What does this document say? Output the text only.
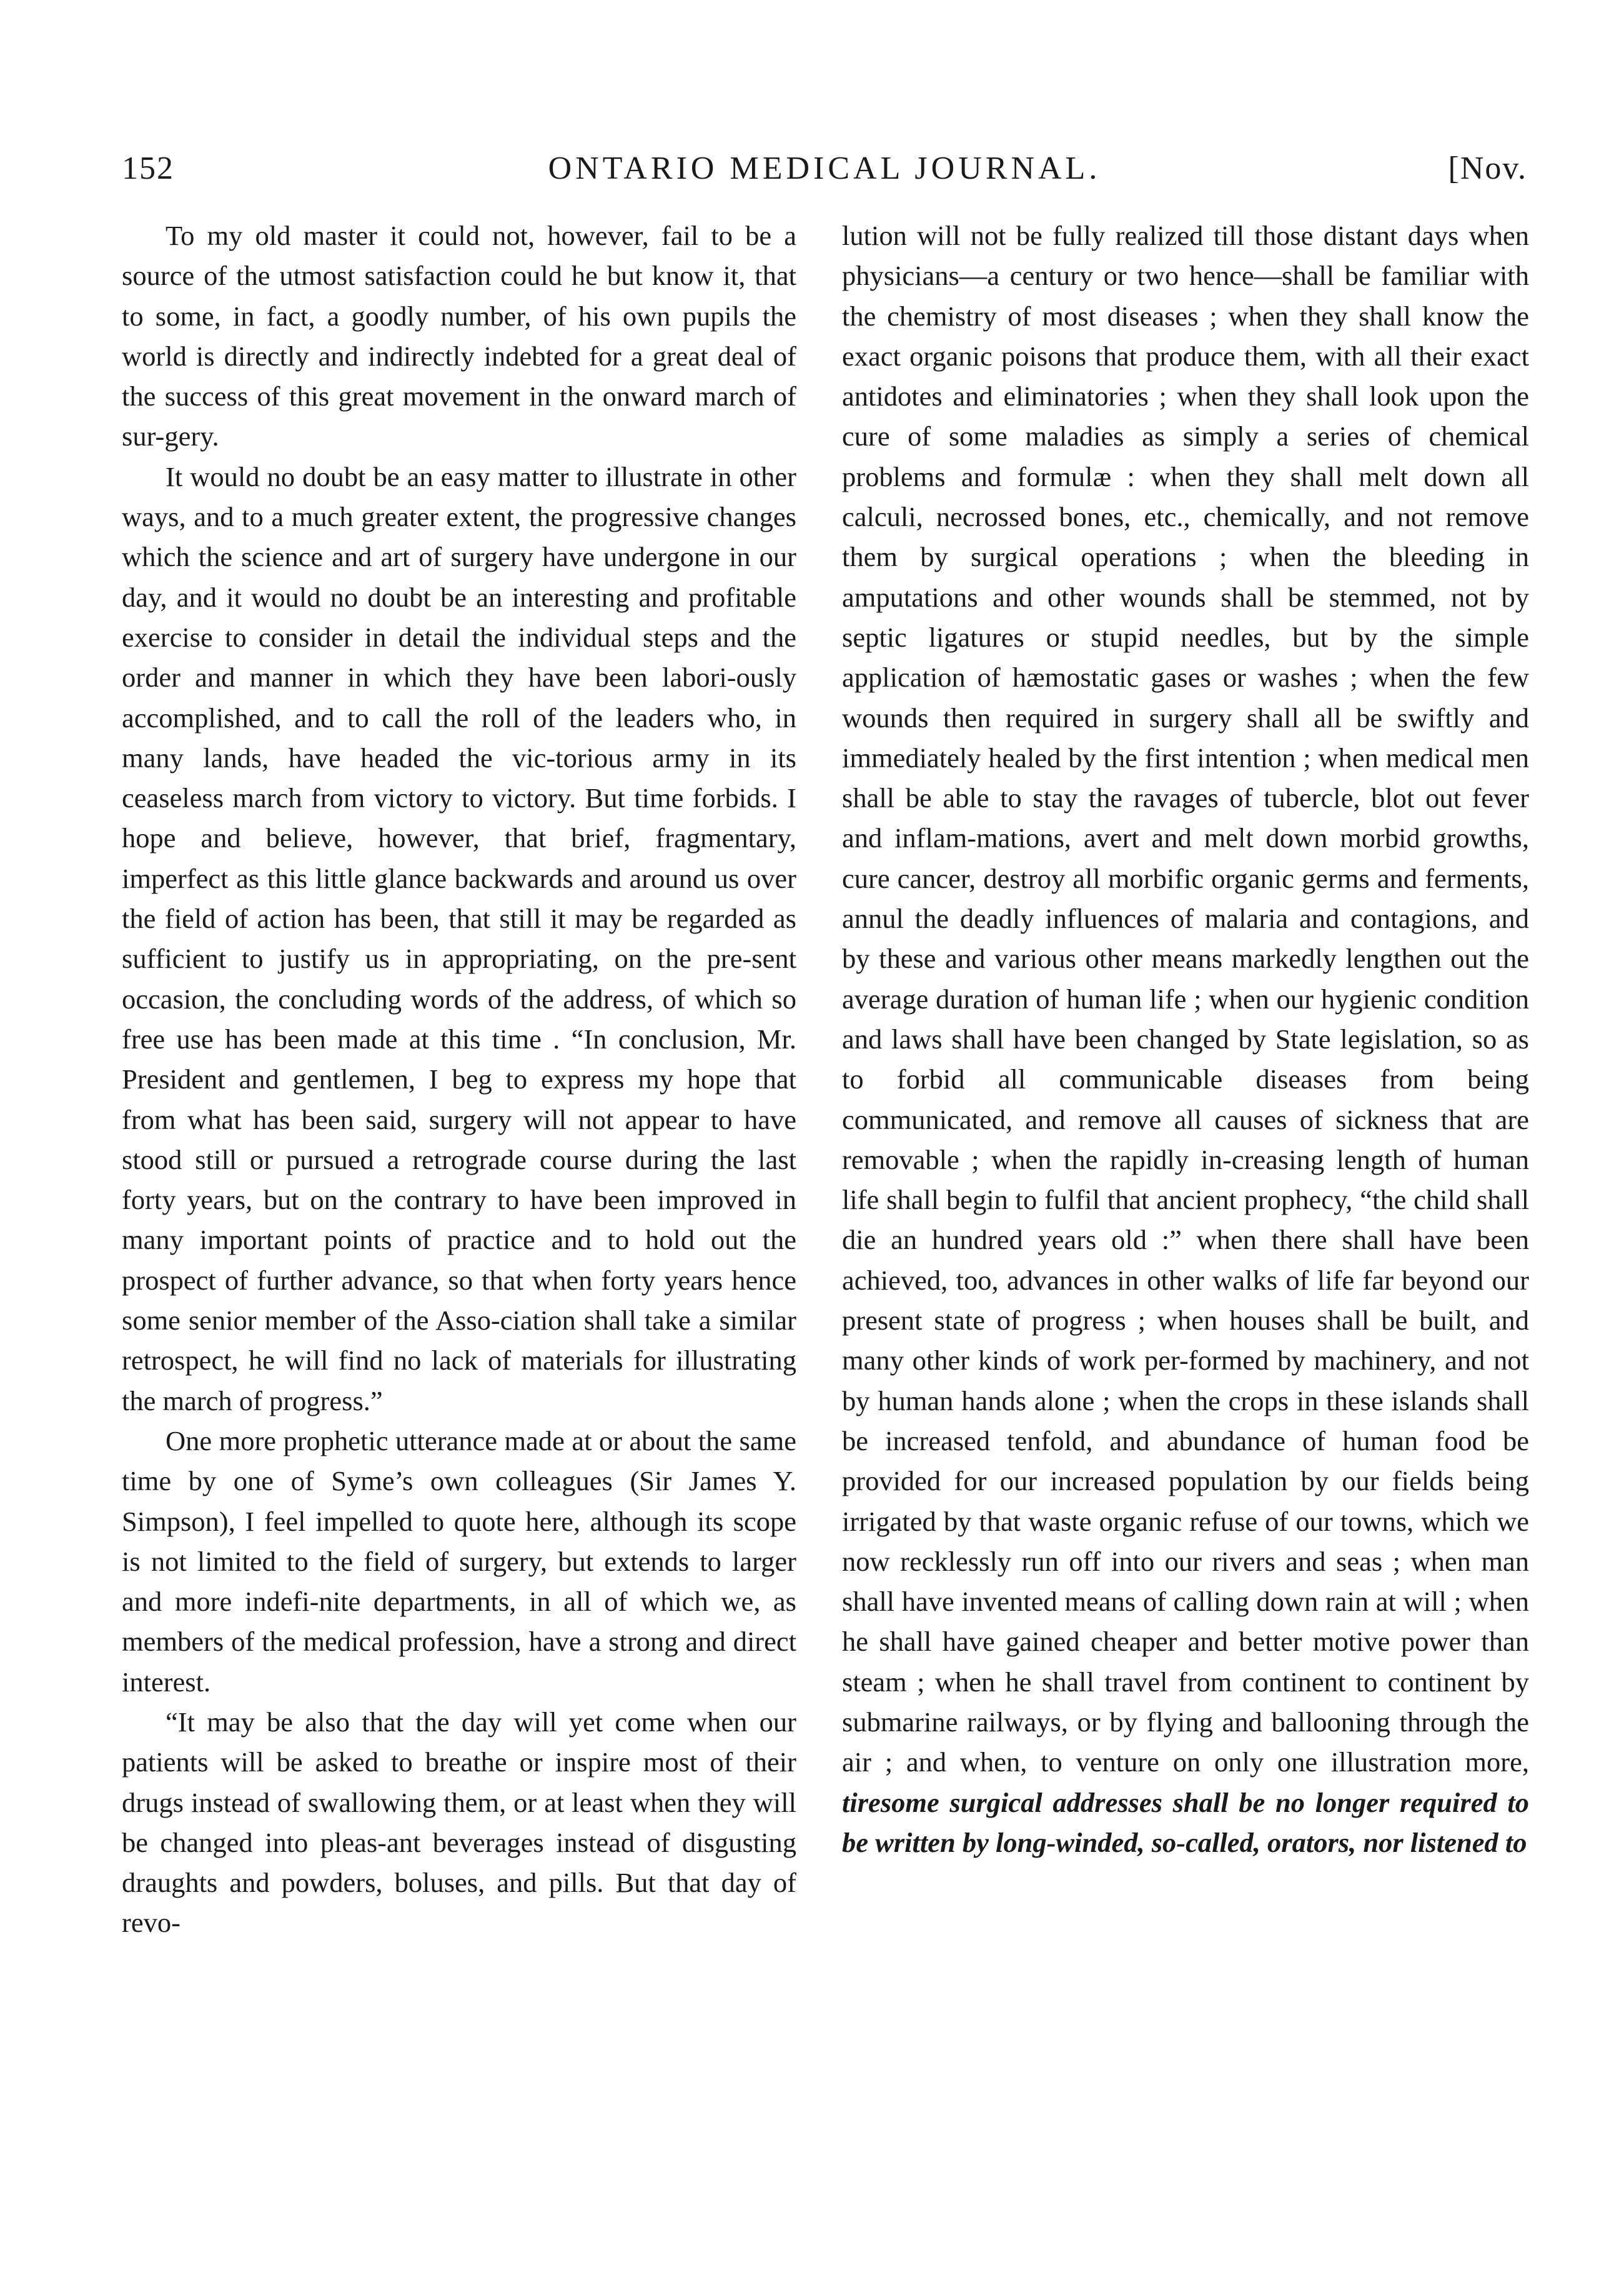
152	ONTARIO MEDICAL JOURNAL.	[Nov.

To my old master it could not, however, fail to be a source of the utmost satisfaction could he but know it, that to some, in fact, a goodly number, of his own pupils the world is directly and indirectly indebted for a great deal of the success of this great movement in the onward march of sur-gery.

It would no doubt be an easy matter to illustrate in other ways, and to a much greater extent, the progressive changes which the science and art of surgery have undergone in our day, and it would no doubt be an interesting and profitable exercise to consider in detail the individual steps and the order and manner in which they have been labori-ously accomplished, and to call the roll of the leaders who, in many lands, have headed the vic-torious army in its ceaseless march from victory to victory. But time forbids. I hope and believe, however, that brief, fragmentary, imperfect as this little glance backwards and around us over the field of action has been, that still it may be regarded as sufficient to justify us in appropriating, on the pre-sent occasion, the concluding words of the address, of which so free use has been made at this time . “In conclusion, Mr. President and gentlemen, I beg to express my hope that from what has been said, surgery will not appear to have stood still or pursued a retrograde course during the last forty years, but on the contrary to have been improved in many important points of practice and to hold out the prospect of further advance, so that when forty years hence some senior member of the Asso-ciation shall take a similar retrospect, he will find no lack of materials for illustrating the march of progress.”

One more prophetic utterance made at or about the same time by one of Syme’s own colleagues (Sir James Y. Simpson), I feel impelled to quote here, although its scope is not limited to the field of surgery, but extends to larger and more indefi-nite departments, in all of which we, as members of the medical profession, have a strong and direct interest.

“It may be also that the day will yet come when our patients will be asked to breathe or inspire most of their drugs instead of swallowing them, or at least when they will be changed into pleas-ant beverages instead of disgusting draughts and powders, boluses, and pills. But that day of revo-

lution will not be fully realized till those distant days when physicians—a century or two hence—shall be familiar with the chemistry of most diseases ; when they shall know the exact organic poisons that produce them, with all their exact antidotes and eliminatories ; when they shall look upon the cure of some maladies as simply a series of chemical problems and formulæ : when they shall melt down all calculi, necrossed bones, etc., chemically, and not remove them by surgical operations ; when the bleeding in amputations and other wounds shall be stemmed, not by septic ligatures or stupid needles, but by the simple application of hæmostatic gases or washes ; when the few wounds then required in surgery shall all be swiftly and immediately healed by the first intention ; when medical men shall be able to stay the ravages of tubercle, blot out fever and inflam-mations, avert and melt down morbid growths, cure cancer, destroy all morbific organic germs and ferments, annul the deadly influences of malaria and contagions, and by these and various other means markedly lengthen out the average duration of human life ; when our hygienic condition and laws shall have been changed by State legislation, so as to forbid all communicable diseases from being communicated, and remove all causes of sickness that are removable ; when the rapidly in-creasing length of human life shall begin to fulfil that ancient prophecy, “the child shall die an hundred years old :” when there shall have been achieved, too, advances in other walks of life far beyond our present state of progress ; when houses shall be built, and many other kinds of work per-formed by machinery, and not by human hands alone ; when the crops in these islands shall be increased tenfold, and abundance of human food be provided for our increased population by our fields being irrigated by that waste organic refuse of our towns, which we now recklessly run off into our rivers and seas ; when man shall have invented means of calling down rain at will ; when he shall have gained cheaper and better motive power than steam ; when he shall travel from continent to continent by submarine railways, or by flying and ballooning through the air ; and when, to venture on only one illustration more, tiresome surgical addresses shall be no longer required to be written by long-winded, so-called, orators, nor listened to
